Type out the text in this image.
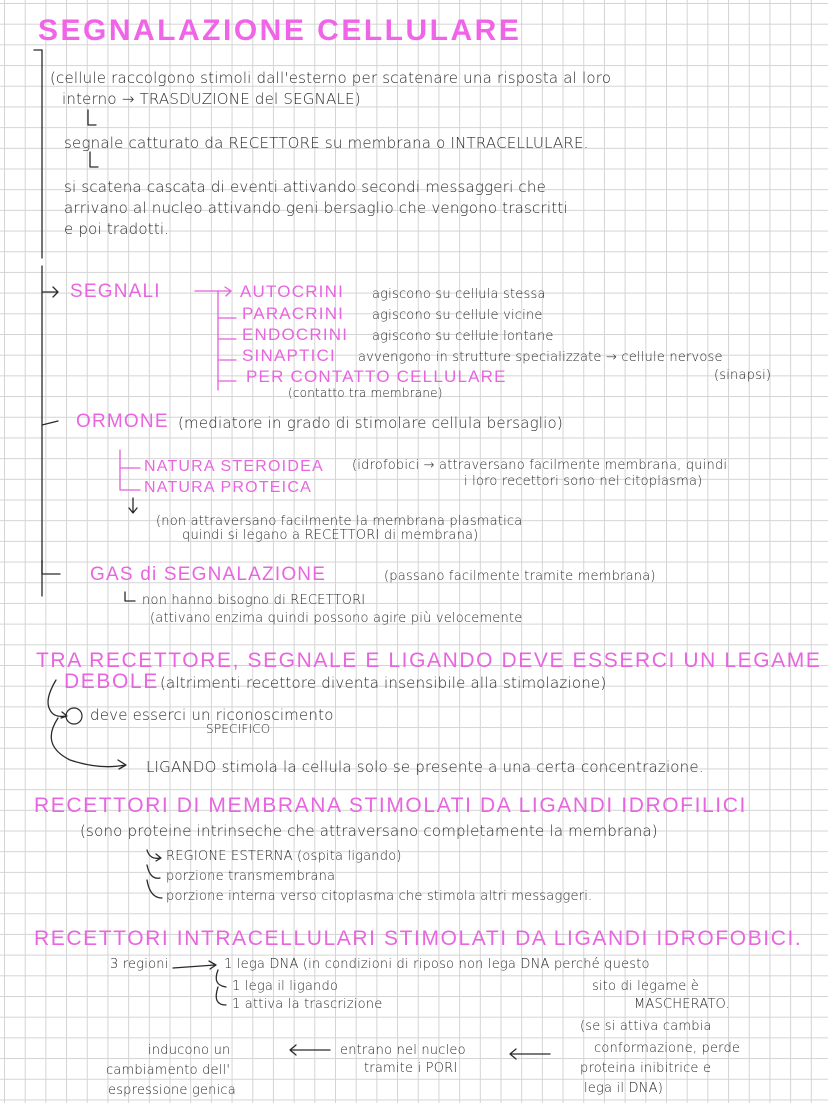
SEGNALAZIONE CELLULARE
(cellule raccolgono stimoli dall'esterno per scatenare una risposta al loro
interno → TRASDUZIONE del SEGNALE)
segnale catturato da RECETTORE su membrana o INTRACELLULARE.
si scatena cascata di eventi attivando secondi messaggeri che
arrivano al nucleo attivando geni bersaglio che vengono trascritti
e poi tradotti.
SEGNALI	AUTOCRINI agiscono su cellula stessa
PARACRINI agiscono su cellule vicine
ENDOCRINI agiscono su cellule lontane
SINAPTICI avvengono in strutture specializzate → cellule nervose
(sinapsi)
PER CONTATTO CELLULARE
(contatto tra membrane)
ORMONE (mediatore in grado di stimolare cellula bersaglio)
NATURA STEROIDEA (idrofobici → attraversano facilmente membrana, quindi
i loro recettori sono nel citoplasma)
NATURA PROTEICA
(non attraversano facilmente la membrana plasmatica
quindi si legano a RECETTORI di membrana)
GAS di SEGNALAZIONE	(passano facilmente tramite membrana)
non hanno bisogno di RECETTORI
(attivano enzima quindi possono agire più velocemente
TRA RECETTORE, SEGNALE E LIGANDO DEVE ESSERCI UN LEGAME
DEBOLE (altrimenti recettore diventa insensibile alla stimolazione)
deve esserci un riconoscimento
SPECIFICO
LIGANDO stimola la cellula solo se presente a una certa concentrazione.
RECETTORI DI MEMBRANA STIMOLATI DA LIGANDI IDROFILICI
(sono proteine intrinseche che attraversano completamente la membrana)
REGIONE ESTERNA (ospita ligando)
porzione transmembrana
porzione interna verso citoplasma che stimola altri messaggeri.
RECETTORI INTRACELLULARI STIMOLATI DA LIGANDI IDROFOBICI.
3 regioni	1 lega DNA (in condizioni di riposo non lega DNA perché questo
1 lega il ligando
1 attiva la trascrizione
sito di legame è
MASCHERATO.
(se si attiva cambia
conformazione, perde
proteina inibitrice e
lega il DNA)
entrano nel nucleo
tramite i PORI
inducono un
cambiamento dell'
espressione genica
